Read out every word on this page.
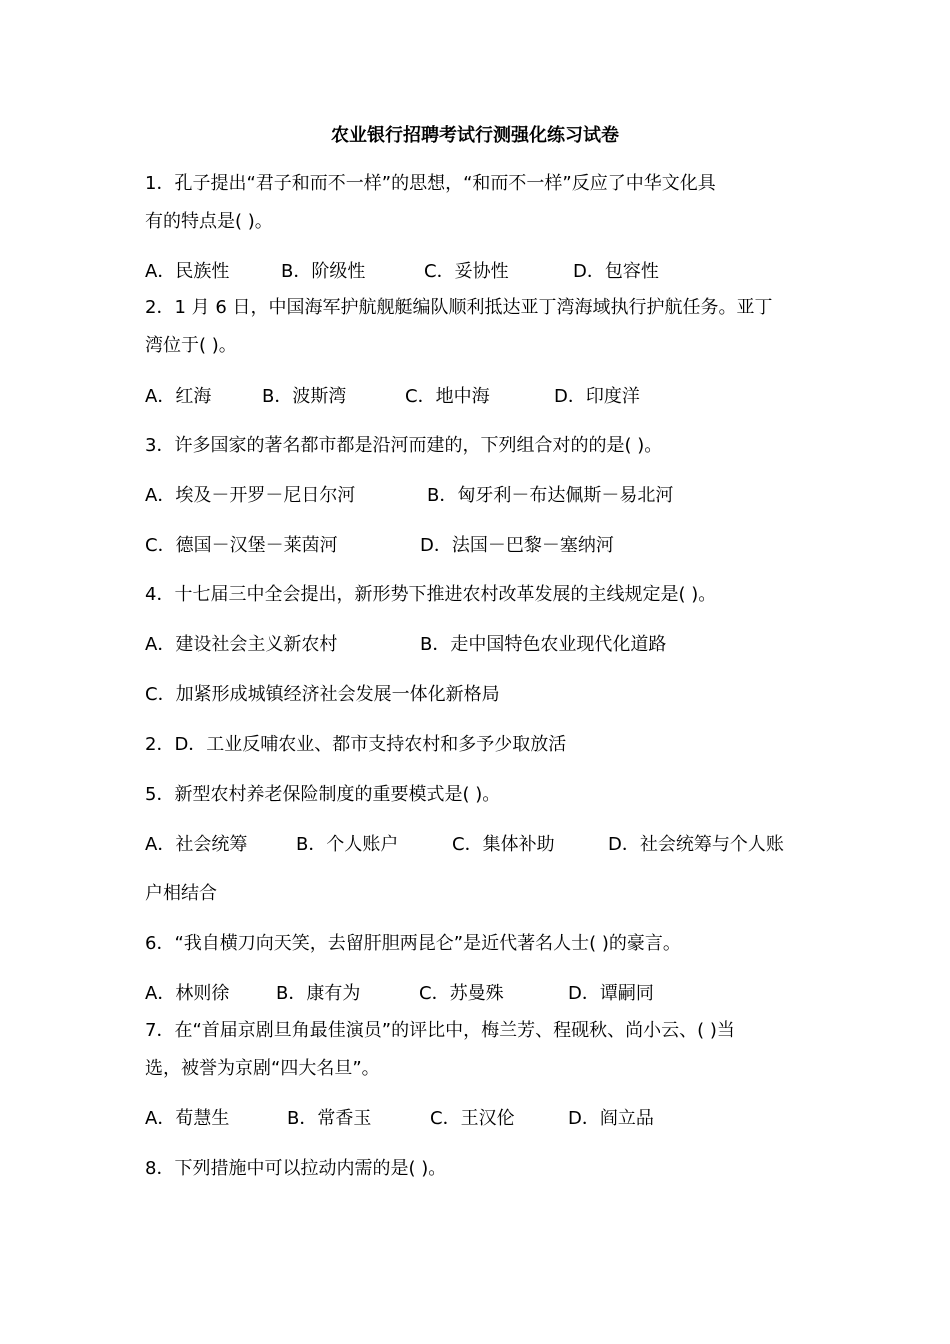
农业银行招聘考试行测强化练习试卷
1．孔子提出“君子和而不一样”的思想，“和而不一样”反应了中华文化具
有的特点是( )。
A．民族性	B．阶级性	C．妥协性	D．包容性
2．1 月 6 日，中国海军护航舰艇编队顺利抵达亚丁湾海域执行护航任务。亚丁
湾位于( )。
A．红海	B．波斯湾	C．地中海	D．印度洋
3．许多国家的著名都市都是沿河而建的，下列组合对的的是( )。
A．埃及－开罗－尼日尔河	B．匈牙利－布达佩斯－易北河
C．德国－汉堡－莱茵河	D．法国－巴黎－塞纳河
4．十七届三中全会提出，新形势下推进农村改革发展的主线规定是( )。
A．建设社会主义新农村	B．走中国特色农业现代化道路
C．加紧形成城镇经济社会发展一体化新格局
2．D．工业反哺农业、都市支持农村和多予少取放活
5．新型农村养老保险制度的重要模式是( )。
A．社会统筹	B．个人账户	C．集体补助	D．社会统筹与个人账
户相结合
6．“我自横刀向天笑，去留肝胆两昆仑”是近代著名人士( )的豪言。
A．林则徐	B．康有为	C．苏曼殊	D．谭嗣同
7．在“首届京剧旦角最佳演员”的评比中，梅兰芳、程砚秋、尚小云、( )当
选，被誉为京剧“四大名旦”。
A．荀慧生	B．常香玉	C．王汉伦	D．阎立品
8．下列措施中可以拉动内需的是( )。
